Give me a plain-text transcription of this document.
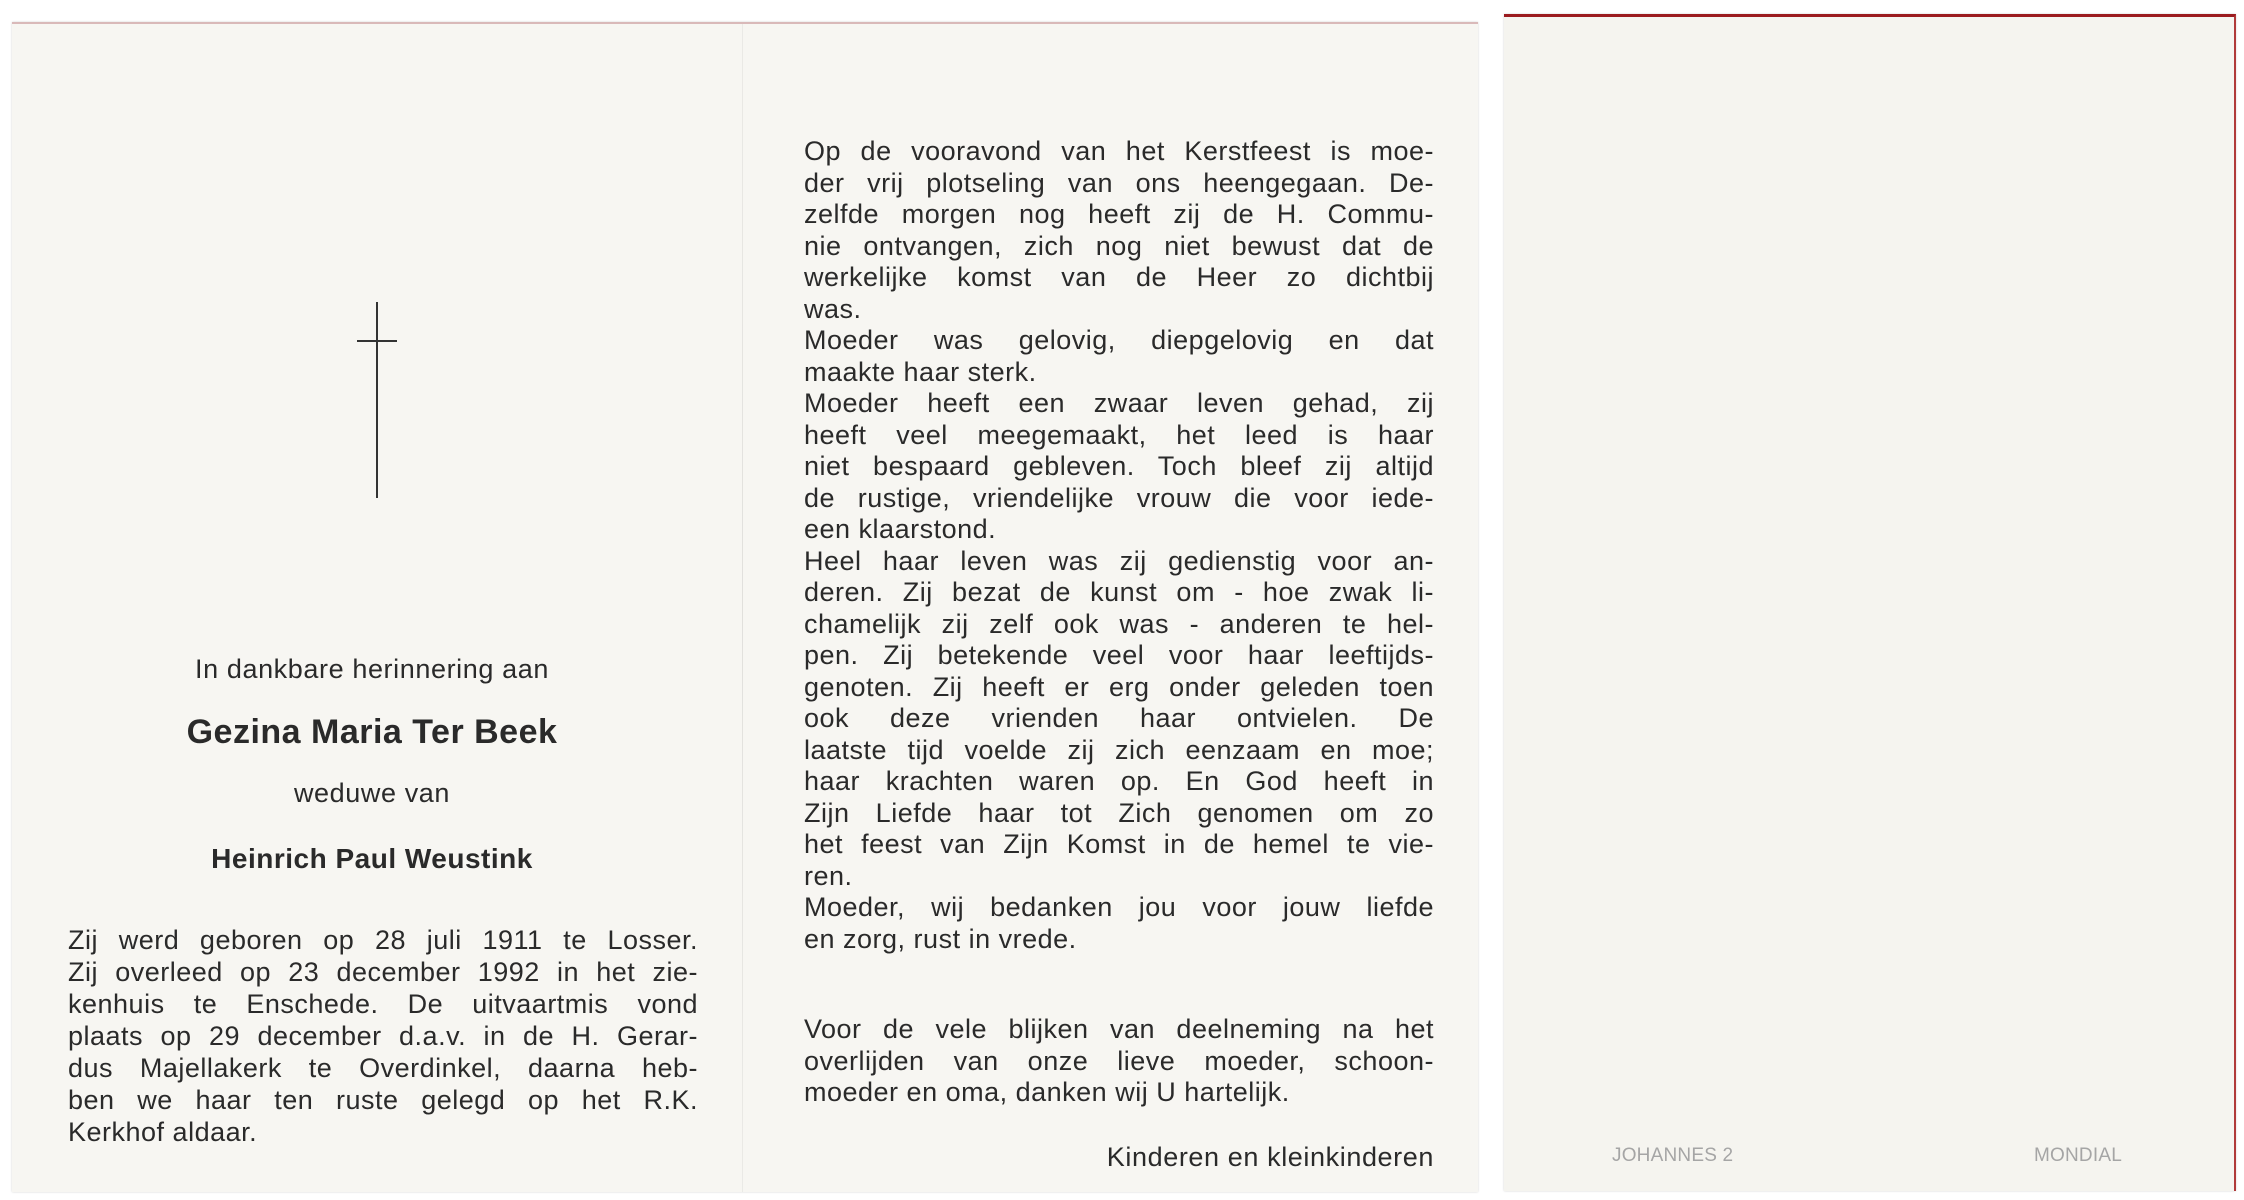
In dankbare herinnering aan

Gezina Maria Ter Beek

weduwe van

Heinrich Paul Weustink

Zij werd geboren op 28 juli 1911 te Losser.
Zij overleed op 23 december 1992 in het zie-
kenhuis te Enschede. De uitvaartmis vond
plaats op 29 december d.a.v. in de H. Gerar-
dus Majellakerk te Overdinkel, daarna heb-
ben we haar ten ruste gelegd op het R.K.
Kerkhof aldaar.
Op de vooravond van het Kerstfeest is moe-
der vrij plotseling van ons heengegaan. De-
zelfde morgen nog heeft zij de H. Commu-
nie ontvangen, zich nog niet bewust dat de
werkelijke komst van de Heer zo dichtbij
was.
Moeder was gelovig, diepgelovig en dat
maakte haar sterk.
Moeder heeft een zwaar leven gehad, zij
heeft veel meegemaakt, het leed is haar
niet bespaard gebleven. Toch bleef zij altijd
de rustige, vriendelijke vrouw die voor iede-
een klaarstond.
Heel haar leven was zij gedienstig voor an-
deren. Zij bezat de kunst om - hoe zwak li-
chamelijk zij zelf ook was - anderen te hel-
pen. Zij betekende veel voor haar leeftijds-
genoten. Zij heeft er erg onder geleden toen
ook deze vrienden haar ontvielen. De
laatste tijd voelde zij zich eenzaam en moe;
haar krachten waren op. En God heeft in
Zijn Liefde haar tot Zich genomen om zo
het feest van Zijn Komst in de hemel te vie-
ren.
Moeder, wij bedanken jou voor jouw liefde
en zorg, rust in vrede.
Voor de vele blijken van deelneming na het
overlijden van onze lieve moeder, schoon-
moeder en oma, danken wij U hartelijk.
Kinderen en kleinkinderen	JOHANNES 2	MONDIAL
